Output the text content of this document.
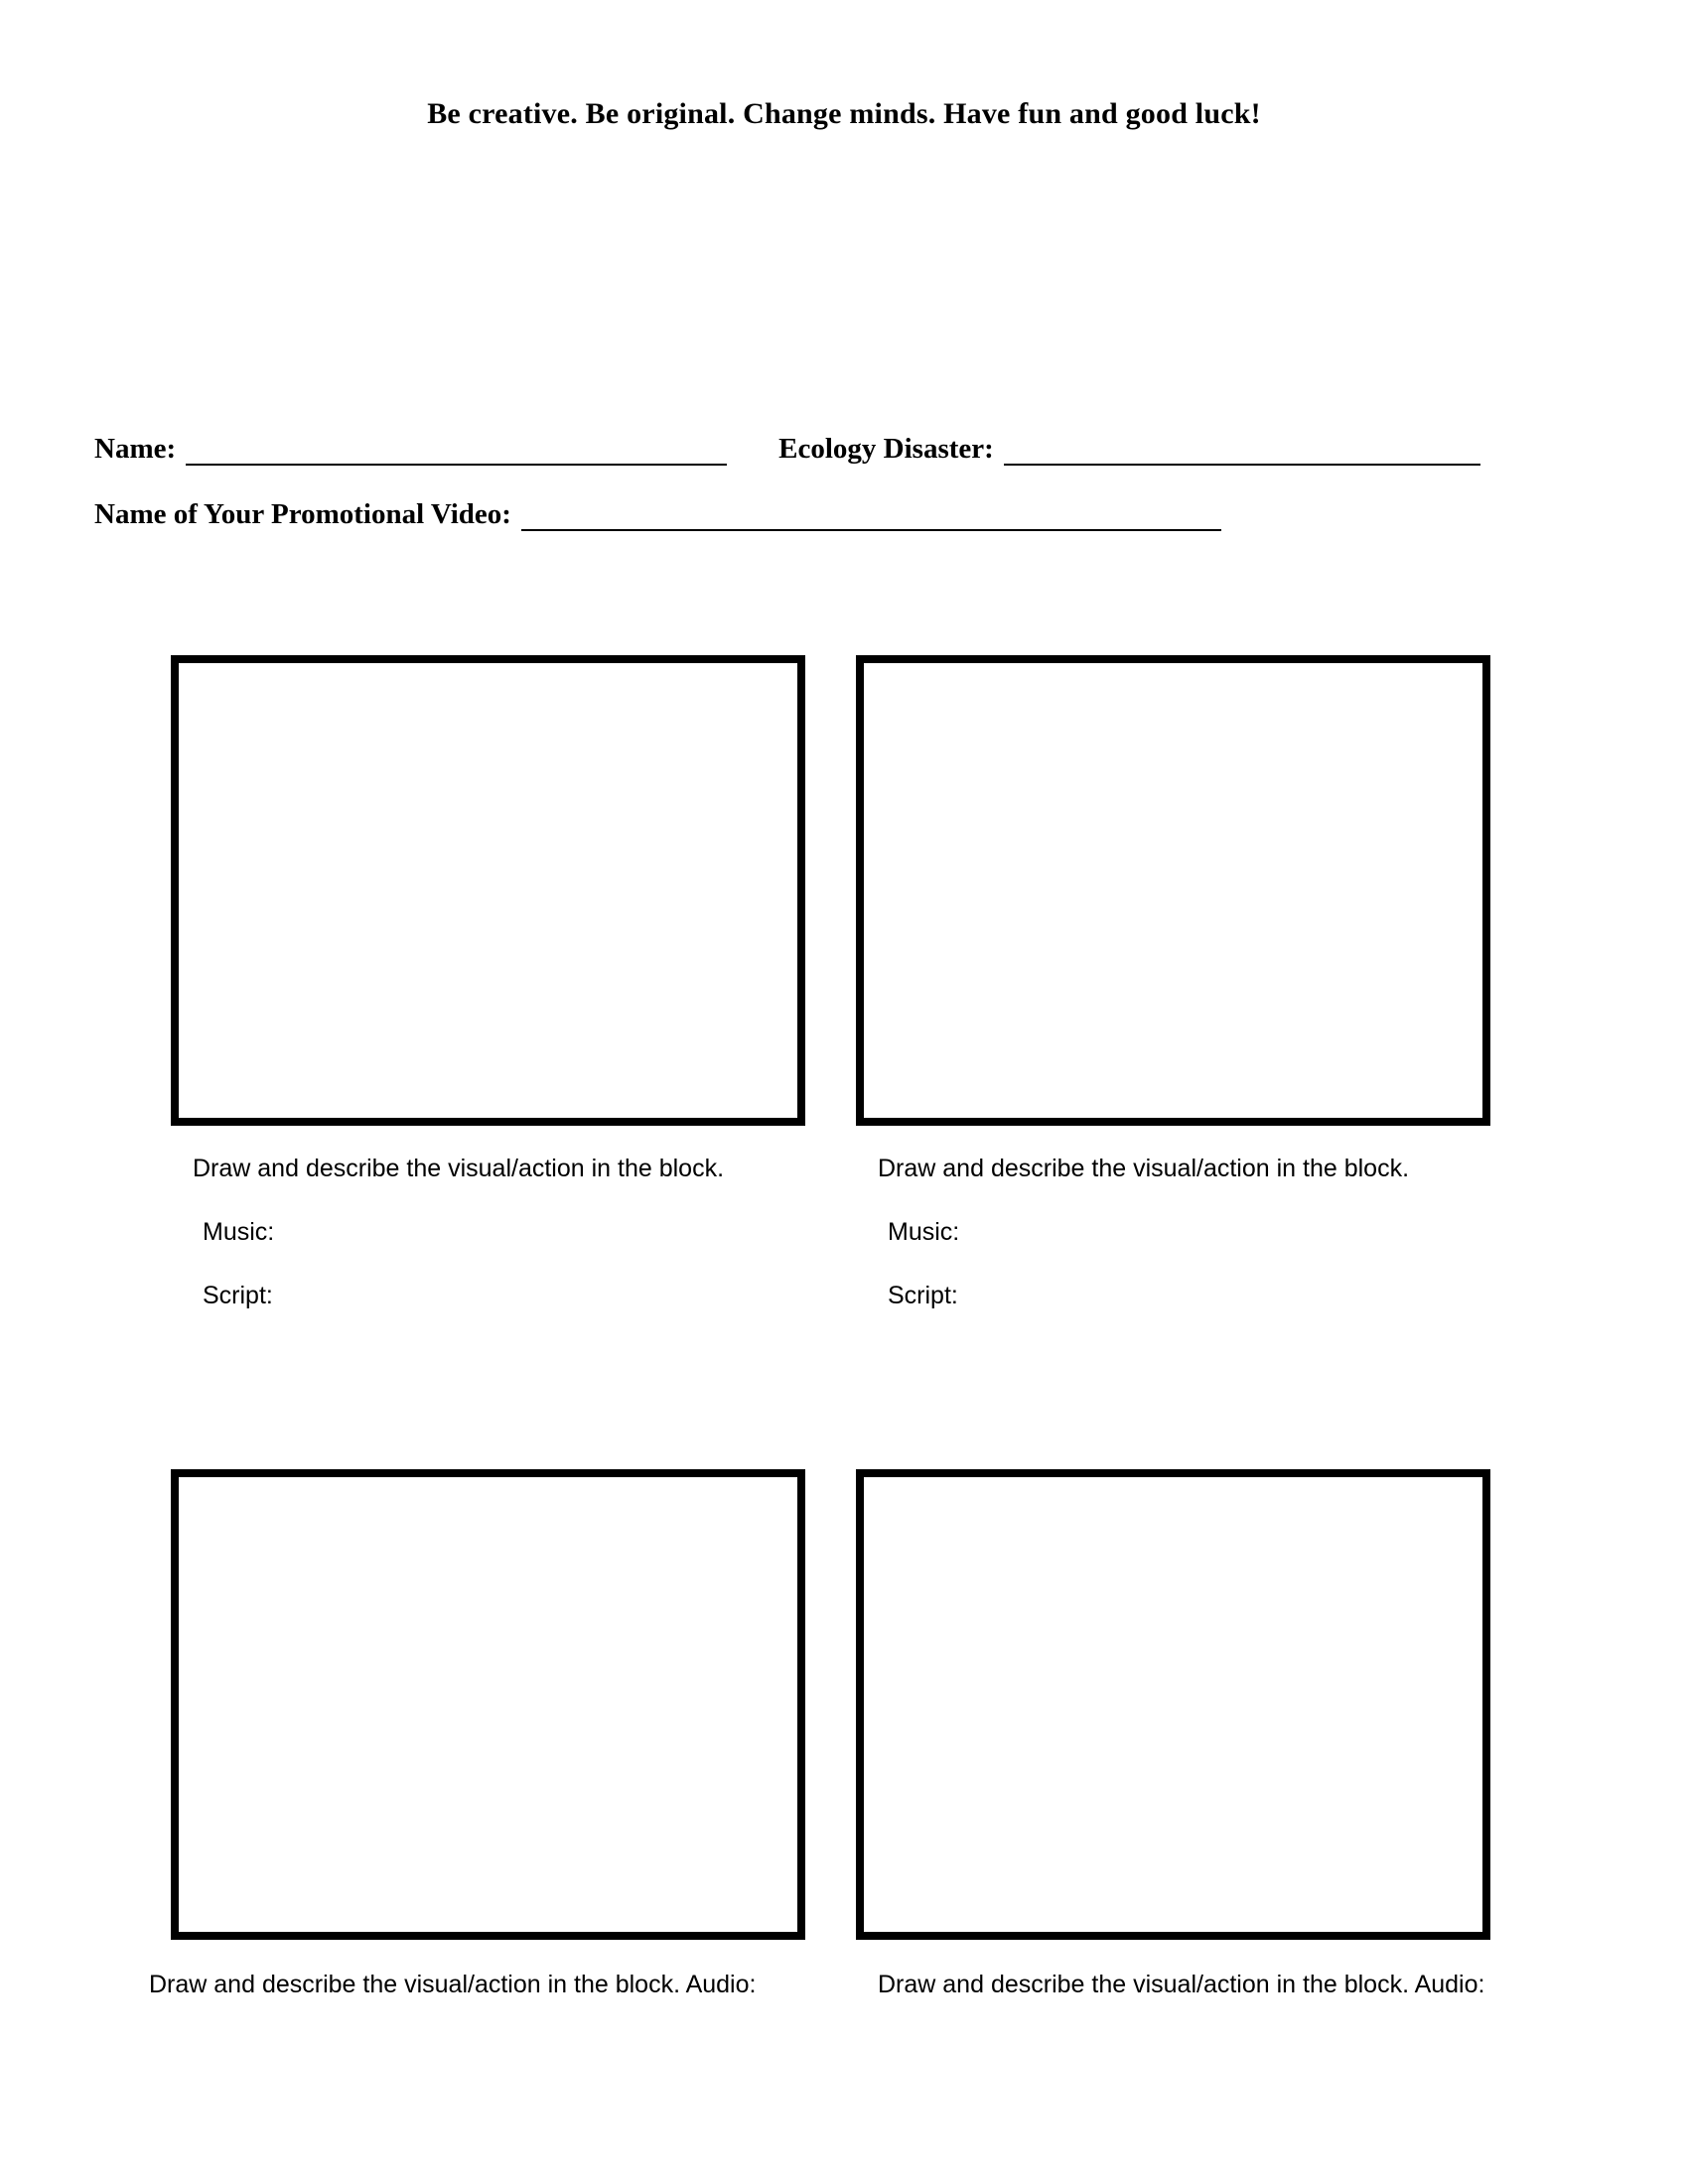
Be creative. Be original. Change minds. Have fun and good luck!
Name:	Ecology Disaster:
Name of Your Promotional Video:
Draw and describe the visual/action in the block.
Music:
Script:
Draw and describe the visual/action in the block.
Music:
Script:
Draw and describe the visual/action in the block. Audio:	Draw and describe the visual/action in the block. Audio:
